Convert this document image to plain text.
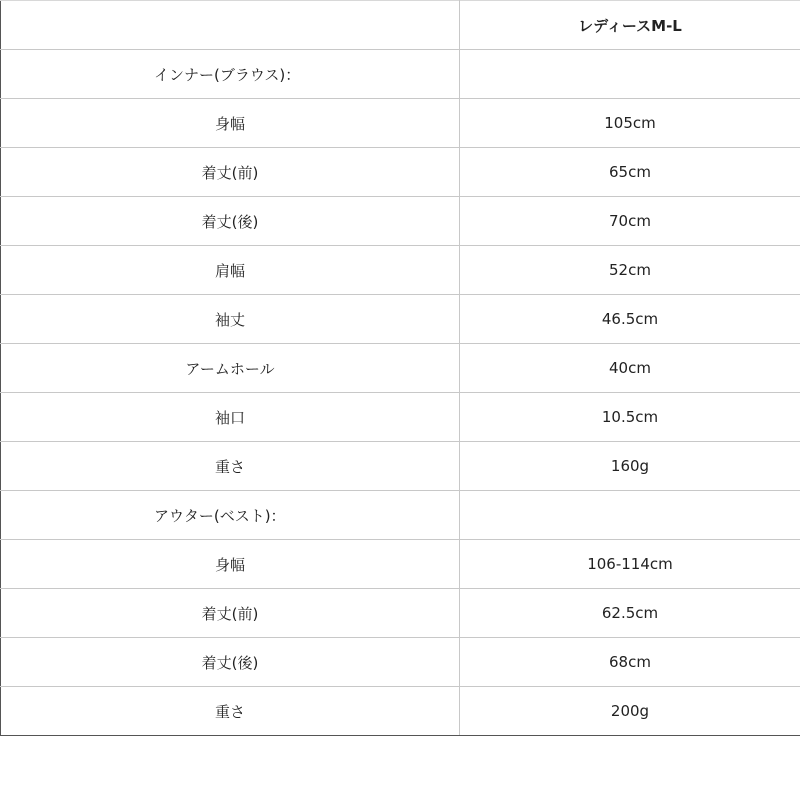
	レディースM-L
インナー(ブラウス)：	
身幅	105cm
着丈(前)	65cm
着丈(後)	70cm
肩幅	52cm
袖丈	46.5cm
アームホール	40cm
袖口	10.5cm
重さ	160g
アウター(ベスト)：	
身幅	106-114cm
着丈(前)	62.5cm
着丈(後)	68cm
重さ	200g
